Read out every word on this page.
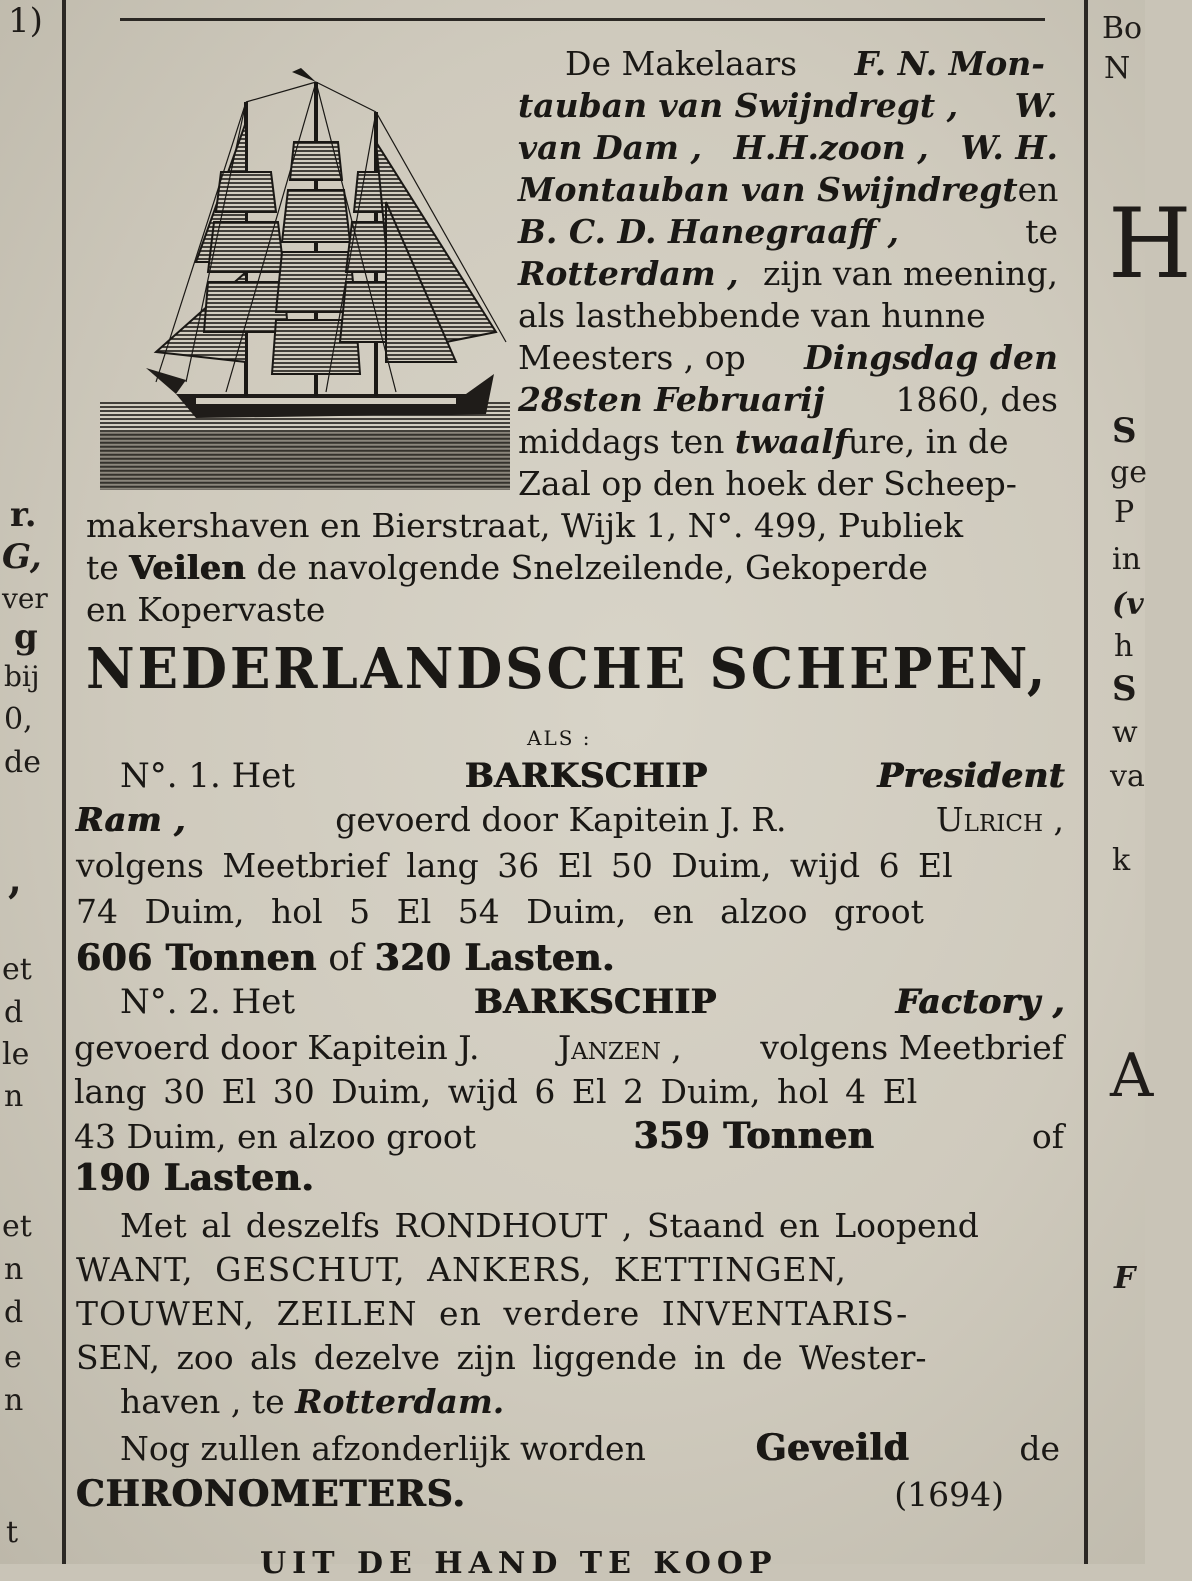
1)
r.
G,
ver
g
bij
0,
de
,
et
d
le
n
et
n
d
e
n
t
Bo
N
H
S
ge
P
in
(v
h
S
w
va
k
A
F
De Makelaars F. N. Mon-
tauban van Swijndregt , W.
van Dam , H.H.zoon , W. H.
Montauban van Swijndregt en
B. C. D. Hanegraaff ,	te
Rotterdam , zijn van meening,
als lasthebbende van hunne
Meesters , op Dingsdag den
28sten Februarij 1860, des
middags ten twaalfure, in de
Zaal op den hoek der Scheep-
makershaven en Bierstraat, Wijk 1, N°. 499, Publiek
te Veilen de navolgende Snelzeilende, Gekoperde
en Kopervaste
NEDERLANDSCHE SCHEPEN,
ALS :
N°. 1. Het	BARKSCHIP	President
Ram ,	gevoerd door Kapitein J. R.	Ulrich ,
volgens Meetbrief lang 36 El 50 Duim, wijd 6 El
74 Duim, hol 5 El 54 Duim, en alzoo groot
606 Tonnen of 320 Lasten.
N°. 2. Het	BARKSCHIP	Factory ,
gevoerd door Kapitein J. Janzen , volgens Meetbrief
lang 30 El 30 Duim, wijd 6 El 2 Duim, hol 4 El
43 Duim, en alzoo groot	359 Tonnen	of
190 Lasten.
Met al deszelfs RONDHOUT , Staand en Loopend
WANT, GESCHUT, ANKERS, KETTINGEN,
TOUWEN, ZEILEN en verdere INVENTARIS-
SEN, zoo als dezelve zijn liggende in de Wester-
haven , te Rotterdam.
Nog zullen afzonderlijk worden	Geveild	de
CHRONOMETERS.	(1694)
UIT DE HAND TE KOOP
